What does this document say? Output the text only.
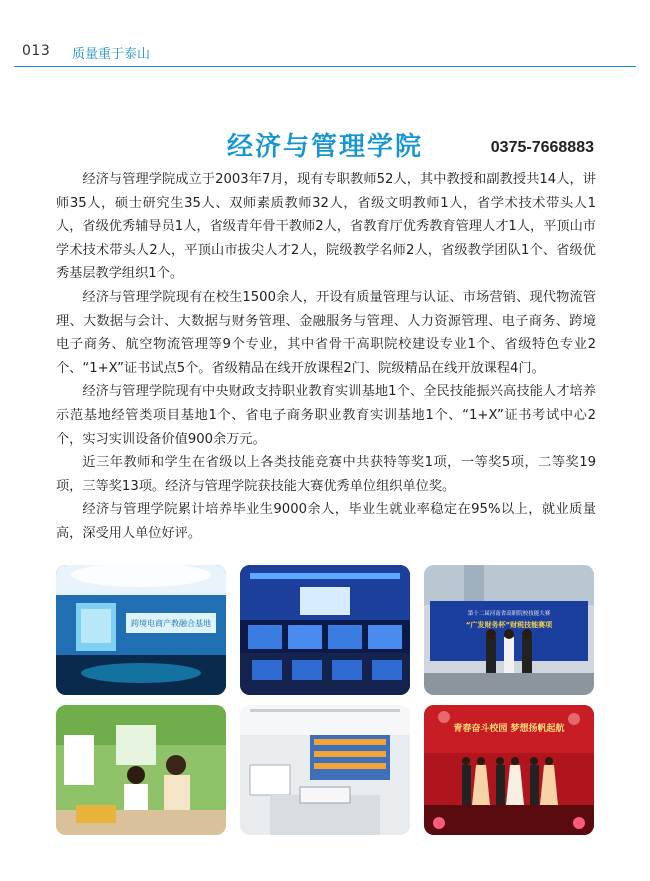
013 质量重于泰山
经济与管理学院	0375-7668883

经济与管理学院成立于2003年7月，现有专职教师52人，其中教授和副教授共14人，讲师35人，硕士研究生35人、双师素质教师32人，省级文明教师1人，省学术技术带头人1人，省级优秀辅导员1人，省级青年骨干教师2人，省教育厅优秀教育管理人才1人，平顶山市学术技术带头人2人，平顶山市拔尖人才2人，院级教学名师2人，省级教学团队1个、省级优秀基层教学组织1个。

经济与管理学院现有在校生1500余人，开设有质量管理与认证、市场营销、现代物流管理、大数据与会计、大数据与财务管理、金融服务与管理、人力资源管理、电子商务、跨境电子商务、航空物流管理等9个专业，其中省骨干高职院校建设专业1个、省级特色专业2个、“1+X”证书试点5个。省级精品在线开放课程2门、院级精品在线开放课程4门。

经济与管理学院现有中央财政支持职业教育实训基地1个、全民技能振兴高技能人才培养示范基地经管类项目基地1个、省电子商务职业教育实训基地1个、“1+X”证书考试中心2个，实习实训设备价值900余万元。

近三年教师和学生在省级以上各类技能竞赛中共获特等奖1项，一等奖5项，二等奖19项，三等奖13项。经济与管理学院获技能大赛优秀单位组织单位奖。

经济与管理学院累计培养毕业生9000余人，毕业生就业率稳定在95%以上，就业质量高，深受用人单位好评。

跨境电商产教融合基地
第十二届河南省高职院校技能大赛
“广发财务杯”财税技能赛项
青春奋斗校园 梦想扬帆起航
